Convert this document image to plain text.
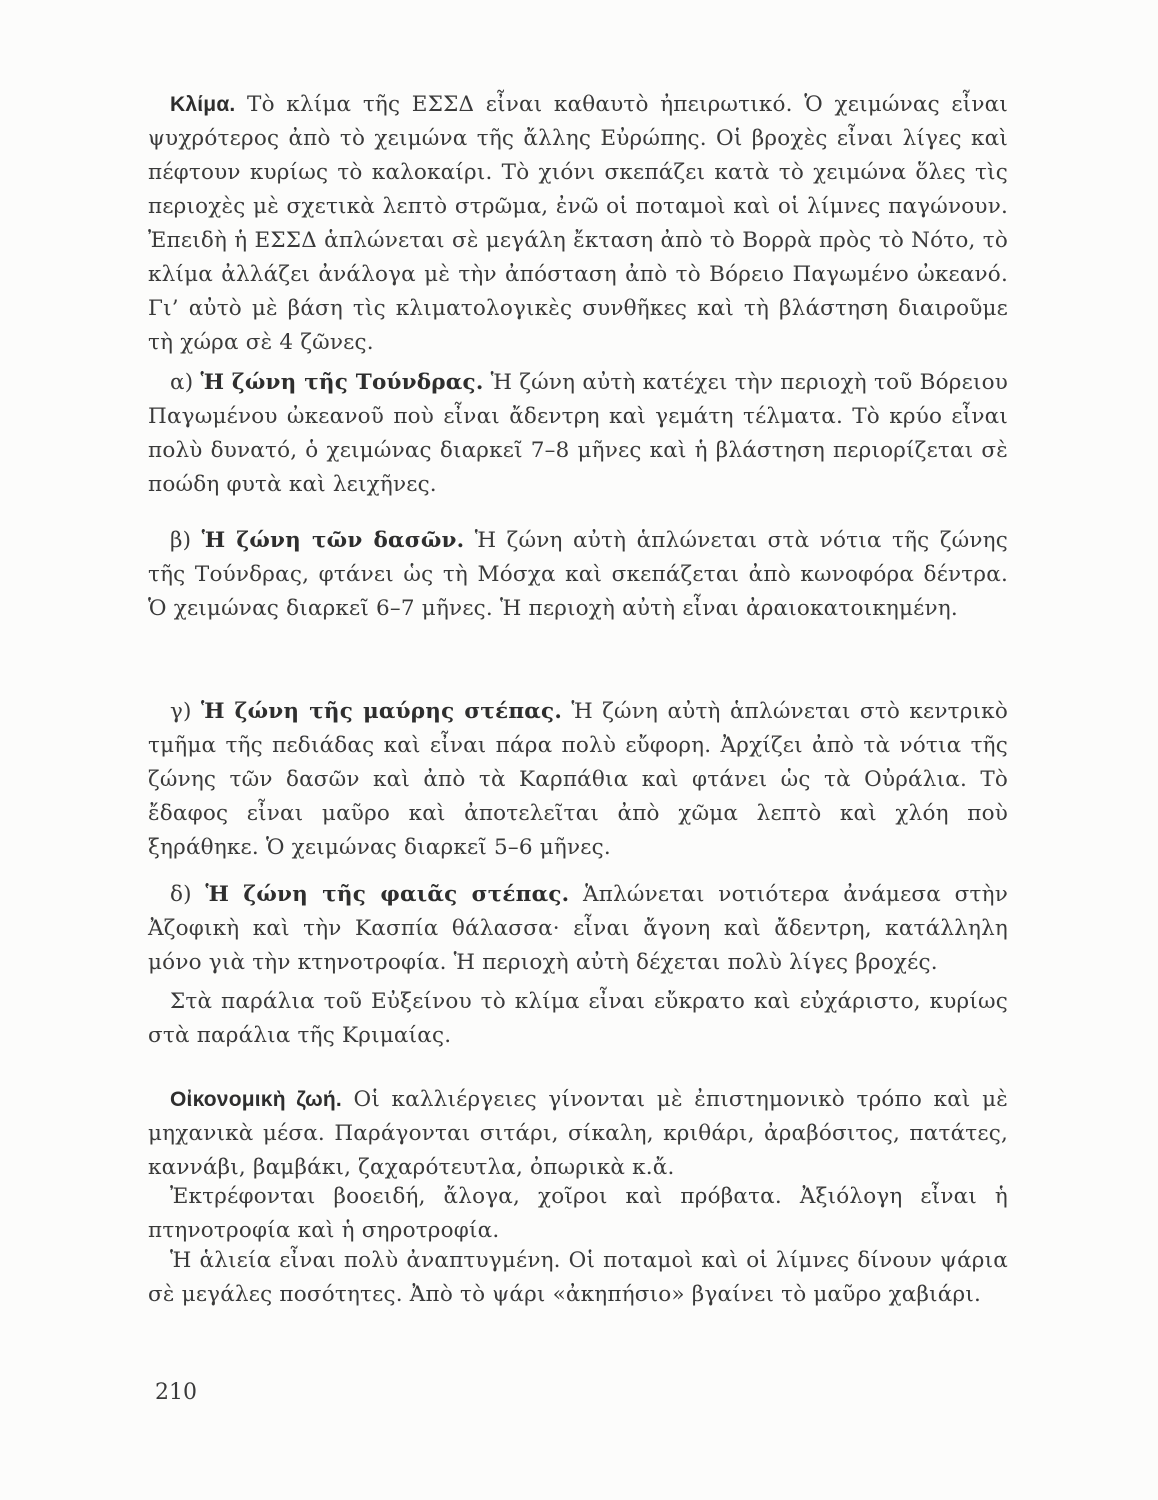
Κλίμα. Τὸ κλίμα τῆς ΕΣΣΔ εἶναι καθαυτὸ ἠπειρωτικό. Ὁ χειμώνας εἶναι ψυχρότερος ἀπὸ τὸ χειμώνα τῆς ἄλλης Εὐρώπης. Οἱ βροχὲς εἶναι λίγες καὶ πέφτουν κυρίως τὸ καλοκαίρι. Τὸ χιόνι σκεπάζει κατὰ τὸ χειμώνα ὅλες τὶς περιοχὲς μὲ σχετικὰ λεπτὸ στρῶμα, ἐνῶ οἱ ποταμοὶ καὶ οἱ λίμνες παγώνουν. Ἐπειδὴ ἡ ΕΣΣΔ ἁπλώνεται σὲ μεγάλη ἔκταση ἀπὸ τὸ Βορρὰ πρὸς τὸ Νότο, τὸ κλίμα ἀλλάζει ἀνάλογα μὲ τὴν ἀπόσταση ἀπὸ τὸ Βόρειο Παγωμένο ὠκεανό. Γι’ αὐτὸ μὲ βάση τὶς κλιματολογικὲς συνθῆκες καὶ τὴ βλάστηση διαιροῦμε τὴ χώρα σὲ 4 ζῶνες.
α) Ἡ ζώνη τῆς Τούνδρας. Ἡ ζώνη αὐτὴ κατέχει τὴν περιοχὴ τοῦ Βόρειου Παγωμένου ὠκεανοῦ ποὺ εἶναι ἄδεντρη καὶ γεμάτη τέλματα. Τὸ κρύο εἶναι πολὺ δυνατό, ὁ χειμώνας διαρκεῖ 7–8 μῆνες καὶ ἡ βλάστηση περιορίζεται σὲ ποώδη φυτὰ καὶ λειχῆνες.
β) Ἡ ζώνη τῶν δασῶν. Ἡ ζώνη αὐτὴ ἁπλώνεται στὰ νότια τῆς ζώνης τῆς Τούνδρας, φτάνει ὡς τὴ Μόσχα καὶ σκεπάζεται ἀπὸ κωνοφόρα δέντρα. Ὁ χειμώνας διαρκεῖ 6–7 μῆνες. Ἡ περιοχὴ αὐτὴ εἶναι ἀραιοκατοικημένη.
γ) Ἡ ζώνη τῆς μαύρης στέπας. Ἡ ζώνη αὐτὴ ἁπλώνεται στὸ κεντρικὸ τμῆμα τῆς πεδιάδας καὶ εἶναι πάρα πολὺ εὔφορη. Ἀρχίζει ἀπὸ τὰ νότια τῆς ζώνης τῶν δασῶν καὶ ἀπὸ τὰ Καρπάθια καὶ φτάνει ὡς τὰ Οὐράλια. Τὸ ἔδαφος εἶναι μαῦρο καὶ ἀποτελεῖται ἀπὸ χῶμα λεπτὸ καὶ χλόη ποὺ ξηράθηκε. Ὁ χειμώνας διαρκεῖ 5–6 μῆνες.
δ) Ἡ ζώνη τῆς φαιᾶς στέπας. Ἁπλώνεται νοτιότερα ἀνάμεσα στὴν Ἀζοφικὴ καὶ τὴν Κασπία θάλασσα· εἶναι ἄγονη καὶ ἄδεντρη, κατάλληλη μόνο γιὰ τὴν κτηνοτροφία. Ἡ περιοχὴ αὐτὴ δέχεται πολὺ λίγες βροχές.
Στὰ παράλια τοῦ Εὐξείνου τὸ κλίμα εἶναι εὔκρατο καὶ εὐχάριστο, κυρίως στὰ παράλια τῆς Κριμαίας.
Οἰκονομικὴ ζωή. Οἱ καλλιέργειες γίνονται μὲ ἐπιστημονικὸ τρόπο καὶ μὲ μηχανικὰ μέσα. Παράγονται σιτάρι, σίκαλη, κριθάρι, ἀραβόσιτος, πατάτες, καννάβι, βαμβάκι, ζαχαρότευτλα, ὀπωρικὰ κ.ἄ.
Ἐκτρέφονται βοοειδή, ἄλογα, χοῖροι καὶ πρόβατα. Ἀξιόλογη εἶναι ἡ πτηνοτροφία καὶ ἡ σηροτροφία.
Ἡ ἁλιεία εἶναι πολὺ ἀναπτυγμένη. Οἱ ποταμοὶ καὶ οἱ λίμνες δίνουν ψάρια σὲ μεγάλες ποσότητες. Ἀπὸ τὸ ψάρι «ἀκηπήσιο» βγαίνει τὸ μαῦρο χαβιάρι.
210
